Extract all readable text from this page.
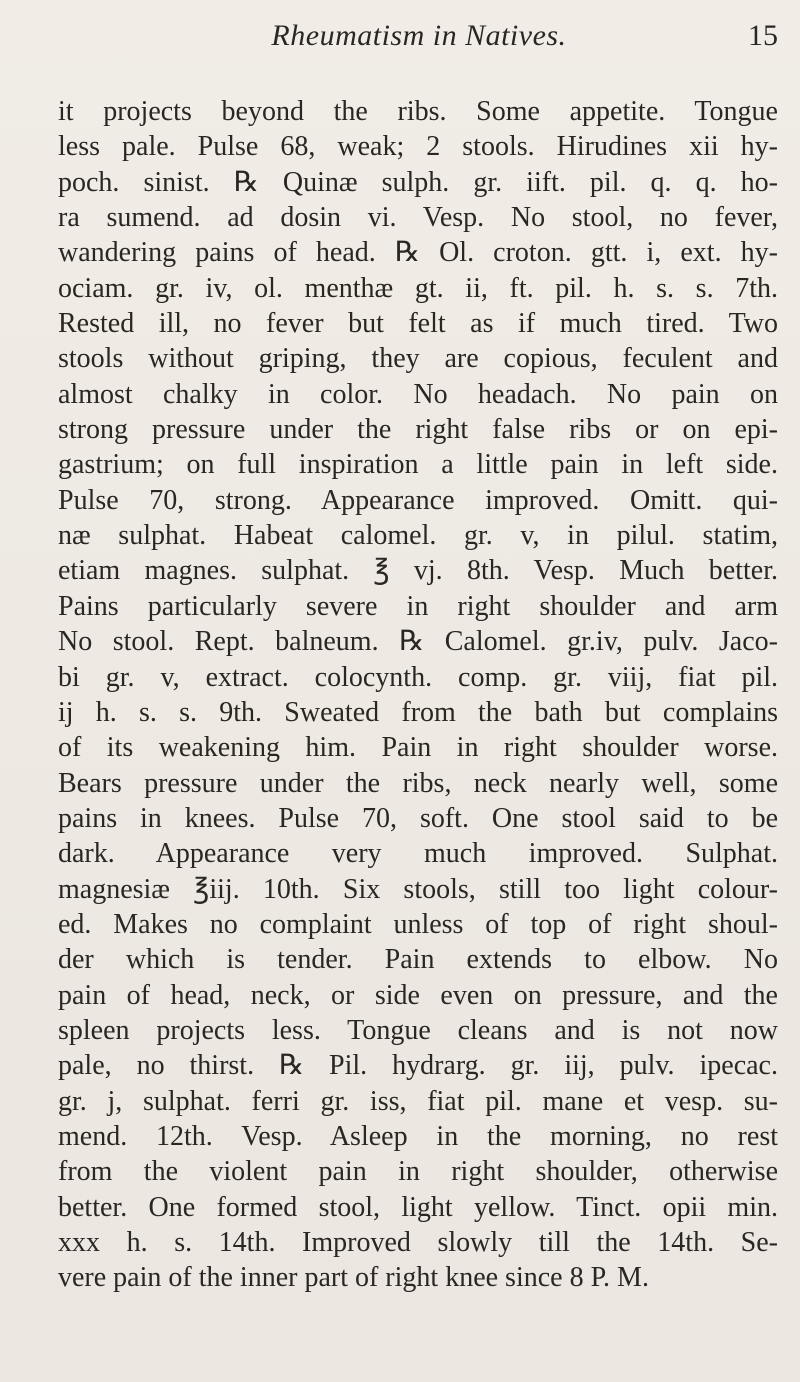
Rheumatism in Natives.	15
it projects beyond the ribs. Some appetite. Tongue
less pale. Pulse 68, weak; 2 stools. Hirudines xii hy-
poch. sinist. ℞ Quinæ sulph. gr. iift. pil. q. q. ho-
ra sumend. ad dosin vi. Vesp. No stool, no fever,
wandering pains of head. ℞ Ol. croton. gtt. i, ext. hy-
ociam. gr. iv, ol. menthæ gt. ii, ft. pil. h. s. s. 7th.
Rested ill, no fever but felt as if much tired. Two
stools without griping, they are copious, feculent and
almost chalky in color. No headach. No pain on
strong pressure under the right false ribs or on epi-
gastrium; on full inspiration a little pain in left side.
Pulse 70, strong. Appearance improved. Omitt. qui-
næ sulphat. Habeat calomel. gr. v, in pilul. statim,
etiam magnes. sulphat. ℥ vj. 8th. Vesp. Much better.
Pains particularly severe in right shoulder and arm
No stool. Rept. balneum. ℞ Calomel. gr.iv, pulv. Jaco-
bi gr. v, extract. colocynth. comp. gr. viij, fiat pil.
ij h. s. s. 9th. Sweated from the bath but complains
of its weakening him. Pain in right shoulder worse.
Bears pressure under the ribs, neck nearly well, some
pains in knees. Pulse 70, soft. One stool said to be
dark. Appearance very much improved. Sulphat.
magnesiæ ℥iij. 10th. Six stools, still too light colour-
ed. Makes no complaint unless of top of right shoul-
der which is tender. Pain extends to elbow. No
pain of head, neck, or side even on pressure, and the
spleen projects less. Tongue cleans and is not now
pale, no thirst. ℞ Pil. hydrarg. gr. iij, pulv. ipecac.
gr. j, sulphat. ferri gr. iss, fiat pil. mane et vesp. su-
mend. 12th. Vesp. Asleep in the morning, no rest
from the violent pain in right shoulder, otherwise
better. One formed stool, light yellow. Tinct. opii min.
xxx h. s. 14th. Improved slowly till the 14th. Se-
vere pain of the inner part of right knee since 8 P. M.
